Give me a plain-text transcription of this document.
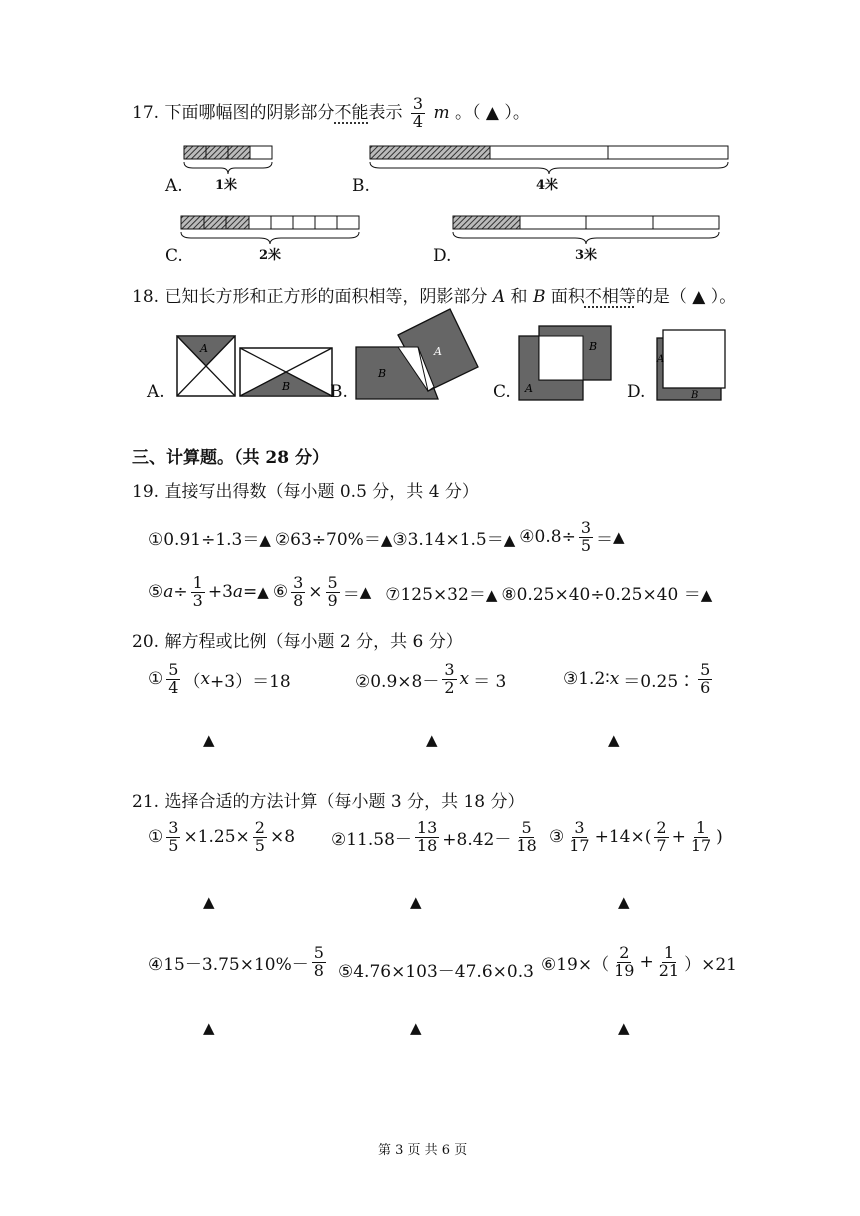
17. 下面哪幅图的阴影部分不能表示 $\frac{3}{4}$ m 。（ ▲ ）。
A. 1米	B.	4米
C.	2米	D.	3米
18. 已知长方形和正方形的面积相等，阴影部分 A 和 B 面积不相等的是（ ▲ ）。
A.
A
B B.
B
A
C.
B
A	D.
A
B
三、计算题。（共 28 分）
19. 直接写出得数（每小题 0.5 分，共 4 分）
①0.91÷1.3＝▲ ②63÷70%＝▲ ③3.14×1.5＝▲ ④0.8÷ $\frac{3}{5}$ ＝ ▲
⑤ $a \div \frac{1}{3} +3$ a = ▲ ⑥ $\frac{3}{8} \times \frac{5}{9}$ ＝ ▲ ⑦125×32＝▲ ⑧0.25×40÷0.25×40 ＝▲
20. 解方程或比例（每小题 2 分，共 6 分）
① $\frac{5}{4}$ （ x +3）＝18	②0.9×8－ $\frac{3}{2}$ x ＝ 3	③1.2∶ x ＝0.25∶ $\frac{5}{6}$
▲	▲	▲
21. 选择合适的方法计算（每小题 3 分，共 18 分）
① $\frac{3}{5} \times 1.25\times \frac{2}{5} \times 8$ ②11.58－ $\frac{13}{18} +8.42- \frac{5}{18}$ ③ $\frac{3}{17} +14\times( \frac{2}{7} + \frac{1}{17}$ )
▲	▲	▲
④15－3.75×10%－ $\frac{5}{8}$ ⑤4.76×103－47.6×0.3 ⑥19×（ $\frac{2}{19} + \frac{1}{21} )\times 21$
▲	▲	▲
第 3 页 共 6 页
